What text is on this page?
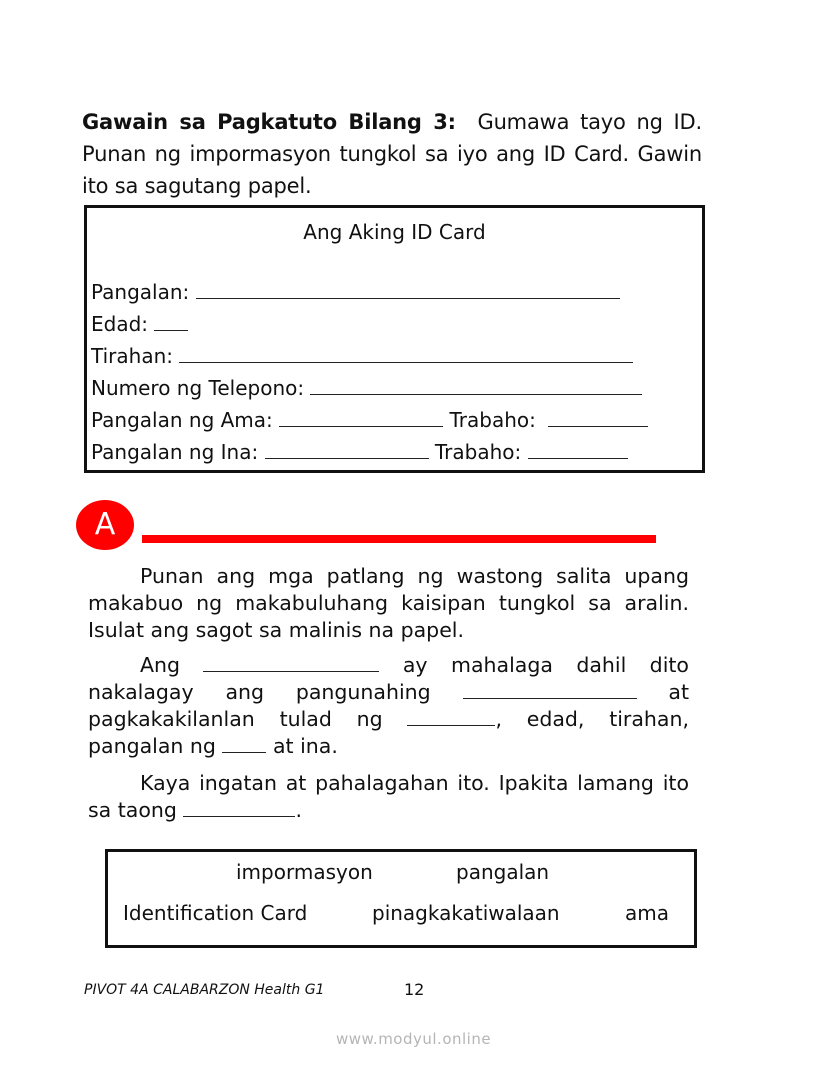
Gawain sa Pagkatuto Bilang 3: Gumawa tayo ng ID. Punan ng impormasyon tungkol sa iyo ang ID Card. Gawin ito sa sagutang papel.
Ang Aking ID Card
Pangalan:
Edad:
Tirahan:
Numero ng Telepono:
Pangalan ng Ama:	Trabaho:
Pangalan ng Ina:	Trabaho:
A
Punan ang mga patlang ng wastong salita upang makabuo ng makabuluhang kaisipan tungkol sa aralin. Isulat ang sagot sa malinis na papel.
Ang	ay mahalaga dahil dito nakalagay ang pangunahing	at pagkakakilanlan tulad ng	, edad, tirahan, pangalan ng	at ina.
Kaya ingatan at pahalagahan ito. Ipakita lamang ito sa taong	.
impormasyon	pangalan
Identification Card	pinagkakatiwalaan	ama
PIVOT 4A CALABARZON Health G1	12
www.modyul.online
